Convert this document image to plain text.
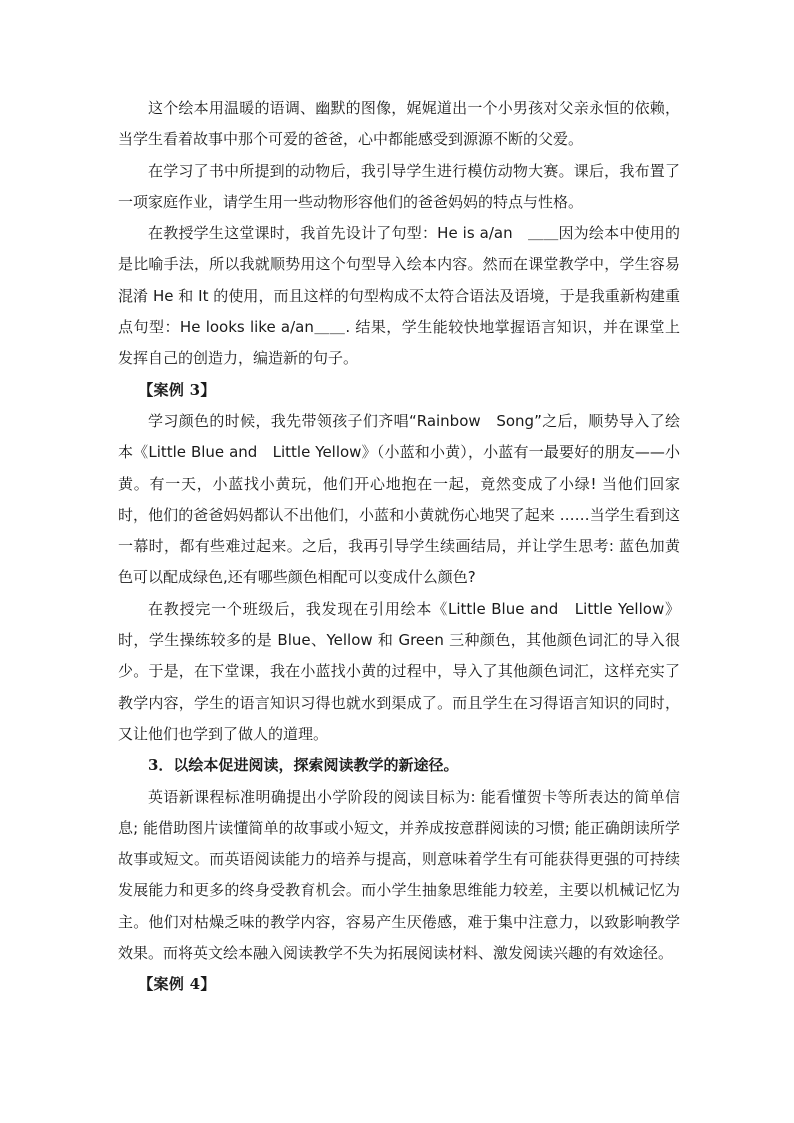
这个绘本用温暖的语调、幽默的图像，娓娓道出一个小男孩对父亲永恒的依赖，当学生看着故事中那个可爱的爸爸，心中都能感受到源源不断的父爱。

在学习了书中所提到的动物后，我引导学生进行模仿动物大赛。课后，我布置了一项家庭作业，请学生用一些动物形容他们的爸爸妈妈的特点与性格。

在教授学生这堂课时，我首先设计了句型：He is a/an　＿＿因为绘本中使用的是比喻手法，所以我就顺势用这个句型导入绘本内容。然而在课堂教学中，学生容易混淆 He 和 It 的使用，而且这样的句型构成不太符合语法及语境，于是我重新构建重点句型：He looks like a/an＿＿. 结果，学生能较快地掌握语言知识，并在课堂上发挥自己的创造力，编造新的句子。

【案例 3】

学习颜色的时候，我先带领孩子们齐唱“Rainbow　Song”之后，顺势导入了绘本《Little Blue and　Little Yellow》（小蓝和小黄），小蓝有一最要好的朋友——小黄。有一天，小蓝找小黄玩，他们开心地抱在一起，竟然变成了小绿! 当他们回家时，他们的爸爸妈妈都认不出他们，小蓝和小黄就伤心地哭了起来 ……当学生看到这一幕时，都有些难过起来。之后，我再引导学生续画结局，并让学生思考: 蓝色加黄色可以配成绿色,还有哪些颜色相配可以变成什么颜色?

在教授完一个班级后，我发现在引用绘本《Little Blue and　Little Yellow》时，学生操练较多的是 Blue、Yellow 和 Green 三种颜色，其他颜色词汇的导入很少。于是，在下堂课，我在小蓝找小黄的过程中，导入了其他颜色词汇，这样充实了教学内容，学生的语言知识习得也就水到渠成了。而且学生在习得语言知识的同时，又让他们也学到了做人的道理。

3．以绘本促进阅读，探索阅读教学的新途径。

英语新课程标准明确提出小学阶段的阅读目标为: 能看懂贺卡等所表达的简单信息; 能借助图片读懂简单的故事或小短文，并养成按意群阅读的习惯; 能正确朗读所学故事或短文。而英语阅读能力的培养与提高，则意味着学生有可能获得更强的可持续发展能力和更多的终身受教育机会。而小学生抽象思维能力较差，主要以机械记忆为主。他们对枯燥乏味的教学内容，容易产生厌倦感，难于集中注意力，以致影响教学效果。而将英文绘本融入阅读教学不失为拓展阅读材料、激发阅读兴趣的有效途径。

【案例 4】
